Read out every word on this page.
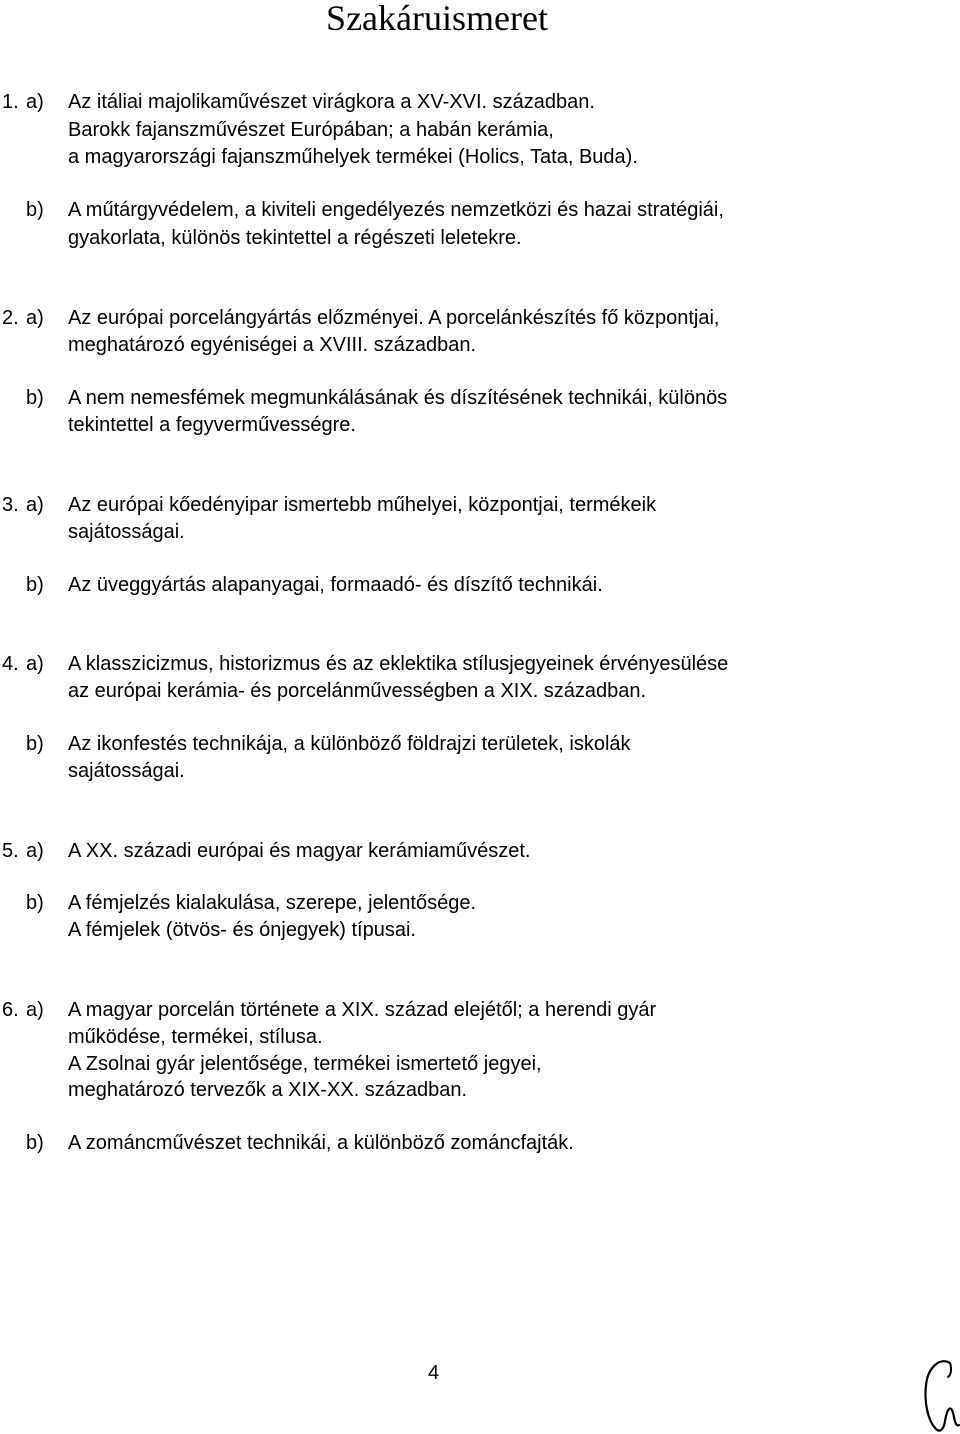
Szakáruismeret
1. a) Az itáliai majolikaművészet virágkora a XV-XVI. században.
Barokk fajanszművészet Európában; a habán kerámia,
a magyarországi fajanszműhelyek termékei (Holics, Tata, Buda).
b) A műtárgyvédelem, a kiviteli engedélyezés nemzetközi és hazai stratégiái,
gyakorlata, különös tekintettel a régészeti leletekre.
2. a) Az európai porcelángyártás előzményei. A porcelánkészítés fő központjai,
meghatározó egyéniségei a XVIII. században.
b) A nem nemesfémek megmunkálásának és díszítésének technikái, különös
tekintettel a fegyverművességre.
3. a) Az európai kőedényipar ismertebb műhelyei, központjai, termékeik
sajátosságai.
b) Az üveggyártás alapanyagai, formaadó- és díszítő technikái.
4. a) A klasszicizmus, historizmus és az eklektika stílusjegyeinek érvényesülése
az európai kerámia- és porcelánművességben a XIX. században.
b) Az ikonfestés technikája, a különböző földrajzi területek, iskolák
sajátosságai.
5. a) A XX. századi európai és magyar kerámiaművészet.
b) A fémjelzés kialakulása, szerepe, jelentősége.
A fémjelek (ötvös- és ónjegyek) típusai.
6. a) A magyar porcelán története a XIX. század elejétől; a herendi gyár
működése, termékei, stílusa.
A Zsolnai gyár jelentősége, termékei ismertető jegyei,
meghatározó tervezők a XIX-XX. században.
b) A zománcművészet technikái, a különböző zománcfajták.
4
